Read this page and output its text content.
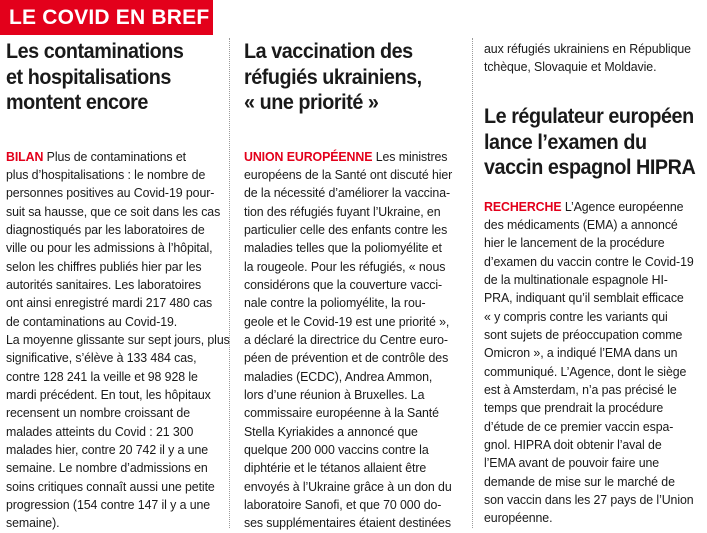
LE COVID EN BREF
Les contaminations
et hospitalisations
montent encore
BILAN Plus de contaminations et
plus d’hospitalisations : le nombre de
personnes positives au Covid-19 pour-
suit sa hausse, que ce soit dans les cas
diagnostiqués par les laboratoires de
ville ou pour les admissions à l’hôpital,
selon les chiffres publiés hier par les
autorités sanitaires. Les laboratoires
ont ainsi enregistré mardi 217 480 cas
de contaminations au Covid-19.
La moyenne glissante sur sept jours, plus
significative, s’élève à 133 484 cas,
contre 128 241 la veille et 98 928 le
mardi précédent. En tout, les hôpitaux
recensent un nombre croissant de
malades atteints du Covid : 21 300
malades hier, contre 20 742 il y a une
semaine. Le nombre d’admissions en
soins critiques connaît aussi une petite
progression (154 contre 147 il y a une
semaine).
La vaccination des
réfugiés ukrainiens,
« une priorité »
UNION EUROPÉENNE Les ministres
européens de la Santé ont discuté hier
de la nécessité d’améliorer la vaccina-
tion des réfugiés fuyant l’Ukraine, en
particulier celle des enfants contre les
maladies telles que la poliomyélite et
la rougeole. Pour les réfugiés, « nous
considérons que la couverture vacci-
nale contre la poliomyélite, la rou-
geole et le Covid-19 est une priorité »,
a déclaré la directrice du Centre euro-
péen de prévention et de contrôle des
maladies (ECDC), Andrea Ammon,
lors d’une réunion à Bruxelles. La
commissaire européenne à la Santé
Stella Kyriakides a annoncé que
quelque 200 000 vaccins contre la
diphtérie et le tétanos allaient être
envoyés à l’Ukraine grâce à un don du
laboratoire Sanofi, et que 70 000 do-
ses supplémentaires étaient destinées
aux réfugiés ukrainiens en République
tchèque, Slovaquie et Moldavie.
Le régulateur européen
lance l’examen du
vaccin espagnol HIPRA
RECHERCHE L’Agence européenne
des médicaments (EMA) a annoncé
hier le lancement de la procédure
d’examen du vaccin contre le Covid-19
de la multinationale espagnole HI-
PRA, indiquant qu’il semblait efficace
« y compris contre les variants qui
sont sujets de préoccupation comme
Omicron », a indiqué l’EMA dans un
communiqué. L’Agence, dont le siège
est à Amsterdam, n’a pas précisé le
temps que prendrait la procédure
d’étude de ce premier vaccin espa-
gnol. HIPRA doit obtenir l’aval de
l’EMA avant de pouvoir faire une
demande de mise sur le marché de
son vaccin dans les 27 pays de l’Union
européenne.
